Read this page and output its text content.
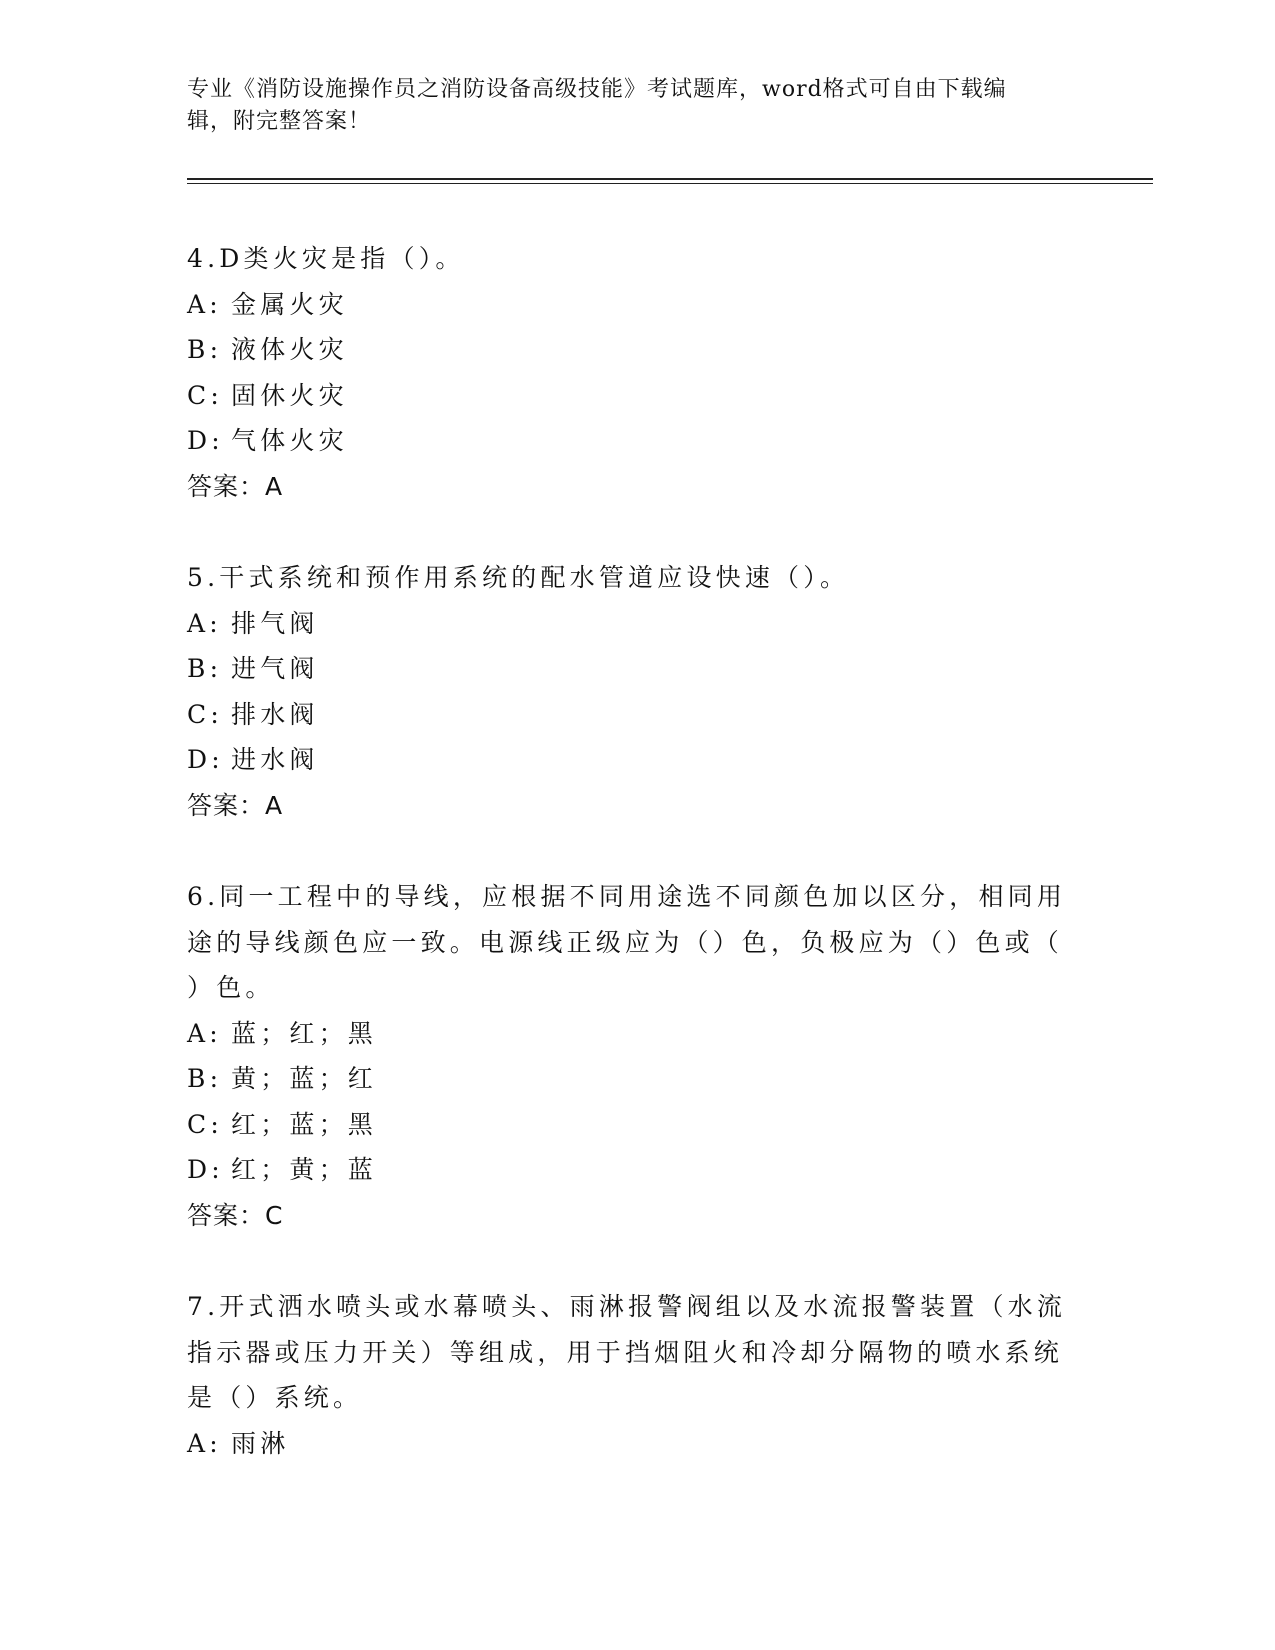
专业《消防设施操作员之消防设备高级技能》考试题库，word格式可自由下载编
辑，附完整答案！
4.D类火灾是指（）。
A: 金属火灾
B: 液体火灾
C: 固休火灾
D: 气体火灾
答案：A
5.干式系统和预作用系统的配水管道应设快速（）。
A: 排气阀
B: 进气阀
C: 排水阀
D: 进水阀
答案：A
6.同一工程中的导线，应根据不同用途选不同颜色加以区分，相同用
途的导线颜色应一致。电源线正级应为（）色，负极应为（）色或（
）色。
A: 蓝；红；黑
B: 黄；蓝；红
C: 红；蓝；黑
D: 红；黄；蓝
答案：C
7.开式洒水喷头或水幕喷头、雨淋报警阀组以及水流报警装置（水流
指示器或压力开关）等组成，用于挡烟阻火和冷却分隔物的喷水系统
是（）系统。
A: 雨淋
